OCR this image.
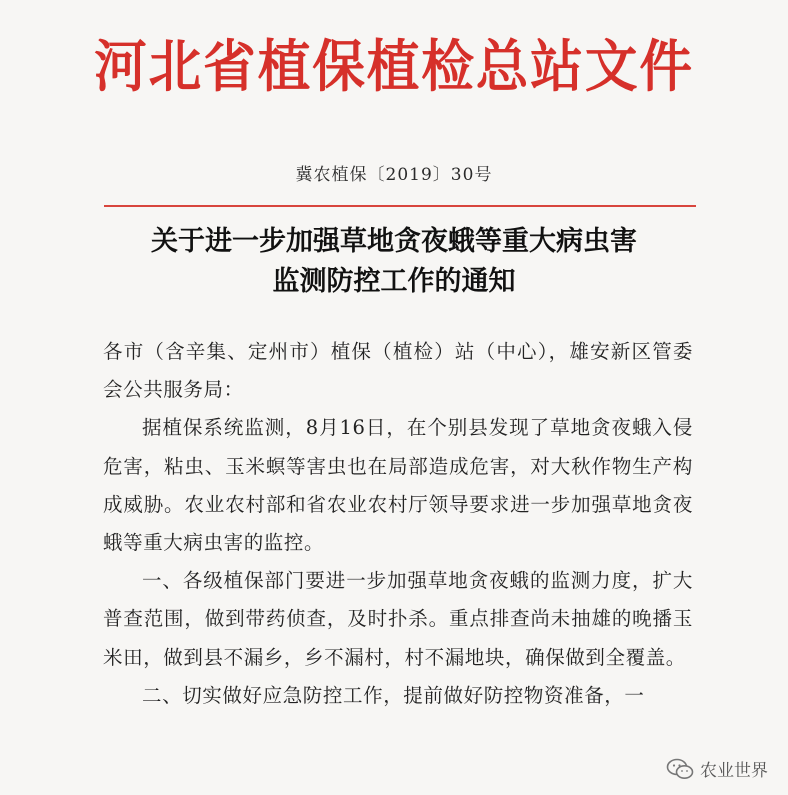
河北省植保植检总站文件
冀农植保〔2019〕30号
关于进一步加强草地贪夜蛾等重大病虫害
监测防控工作的通知

各市（含辛集、定州市）植保（植检）站（中心），雄安新区管委会公共服务局：

据植保系统监测，8月16日，在个别县发现了草地贪夜蛾入侵危害，粘虫、玉米螟等害虫也在局部造成危害，对大秋作物生产构成威胁。农业农村部和省农业农村厅领导要求进一步加强草地贪夜蛾等重大病虫害的监控。

一、各级植保部门要进一步加强草地贪夜蛾的监测力度，扩大普查范围，做到带药侦查，及时扑杀。重点排查尚未抽雄的晚播玉米田，做到县不漏乡，乡不漏村，村不漏地块，确保做到全覆盖。

二、切实做好应急防控工作，提前做好防控物资准备，一

农业世界
